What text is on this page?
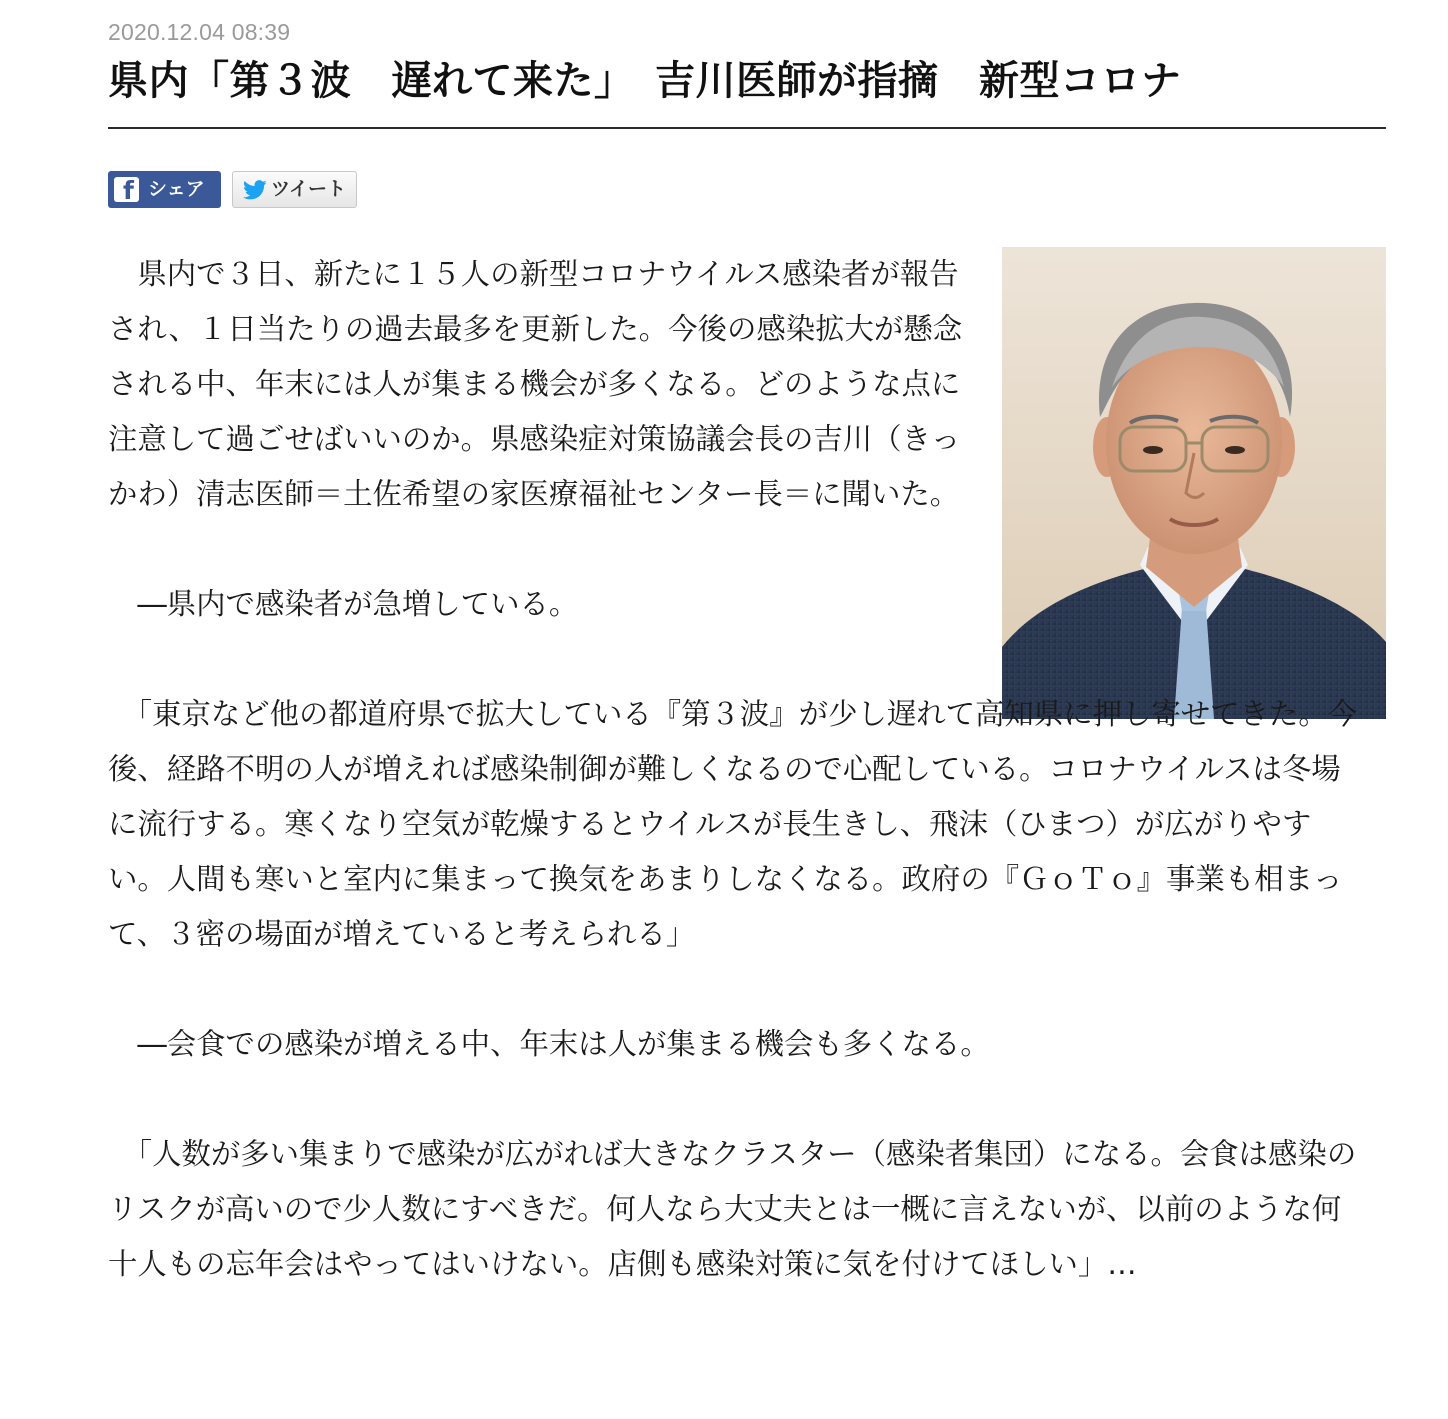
2020.12.04 08:39
県内「第３波　遅れて来た」　吉川医師が指摘　新型コロナ
f シェア	ツイート

　県内で３日、新たに１５人の新型コロナウイルス感染者が報告され、１日当たりの過去最多を更新した。今後の感染拡大が懸念される中、年末には人が集まる機会が多くなる。どのような点に注意して過ごせばいいのか。県感染症対策協議会長の吉川（きっかわ）清志医師＝土佐希望の家医療福祉センター長＝に聞いた。

　―県内で感染者が急増している。

　「東京など他の都道府県で拡大している『第３波』が少し遅れて高知県に押し寄せてきた。今後、経路不明の人が増えれば感染制御が難しくなるので心配している。コロナウイルスは冬場に流行する。寒くなり空気が乾燥するとウイルスが長生きし、飛沫（ひまつ）が広がりやすい。人間も寒いと室内に集まって換気をあまりしなくなる。政府の『ＧｏＴｏ』事業も相まって、３密の場面が増えていると考えられる」

　―会食での感染が増える中、年末は人が集まる機会も多くなる。

　「人数が多い集まりで感染が広がれば大きなクラスター（感染者集団）になる。会食は感染のリスクが高いので少人数にすべきだ。何人なら大丈夫とは一概に言えないが、以前のような何十人もの忘年会はやってはいけない。店側も感染対策に気を付けてほしい」…
